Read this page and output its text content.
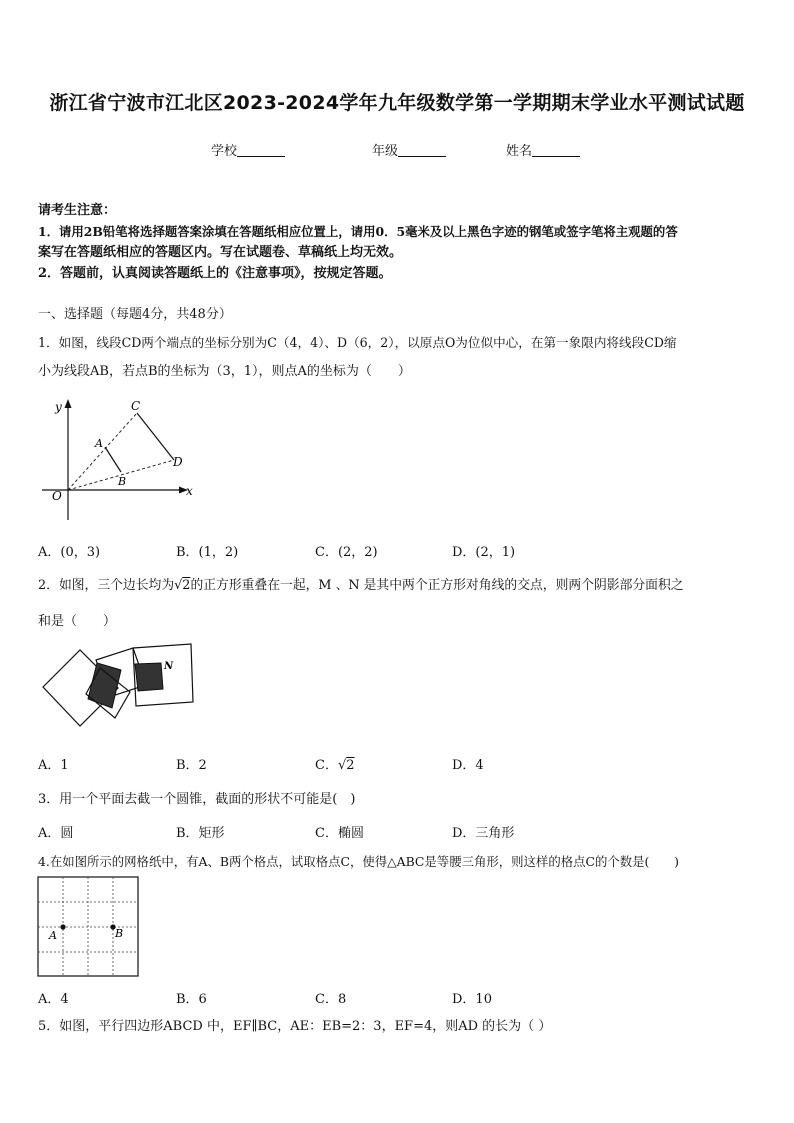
浙江省宁波市江北区2023-2024学年九年级数学第一学期期末学业水平测试试题
学校	年级	姓名
请考生注意：
1．请用2B铅笔将选择题答案涂填在答题纸相应位置上，请用0．5毫米及以上黑色字迹的钢笔或签字笔将主观题的答
案写在答题纸相应的答题区内。写在试题卷、草稿纸上均无效。
2．答题前，认真阅读答题纸上的《注意事项》，按规定答题。
一、选择题（每题4分，共48分）
1．如图，线段CD两个端点的坐标分别为C（4，4）、D（6，2），以原点O为位似中心，在第一象限内将线段CD缩
小为线段AB，若点B的坐标为（3，1），则点A的坐标为（　　）
y
x
O
A
B
C
D
A．(0，3)	B．(1，2)	C．(2，2)	D．(2，1)
2．如图，三个边长均为√2的正方形重叠在一起，M 、N 是其中两个正方形对角线的交点，则两个阴影部分面积之
和是（　　）
M
N
A．1	B．2	C．√2	D．4
3．用一个平面去截一个圆锥，截面的形状不可能是(　)
A．圆	B．矩形	C．椭圆	D．三角形
4.在如图所示的网格纸中，有A、B两个格点，试取格点C，使得△ABC是等腰三角形，则这样的格点C的个数是(　　)
A	B
A．4	B．6	C．8	D．10
5．如图，平行四边形ABCD 中，EF∥BC，AE：EB=2：3，EF=4，则AD 的长为（ ）
